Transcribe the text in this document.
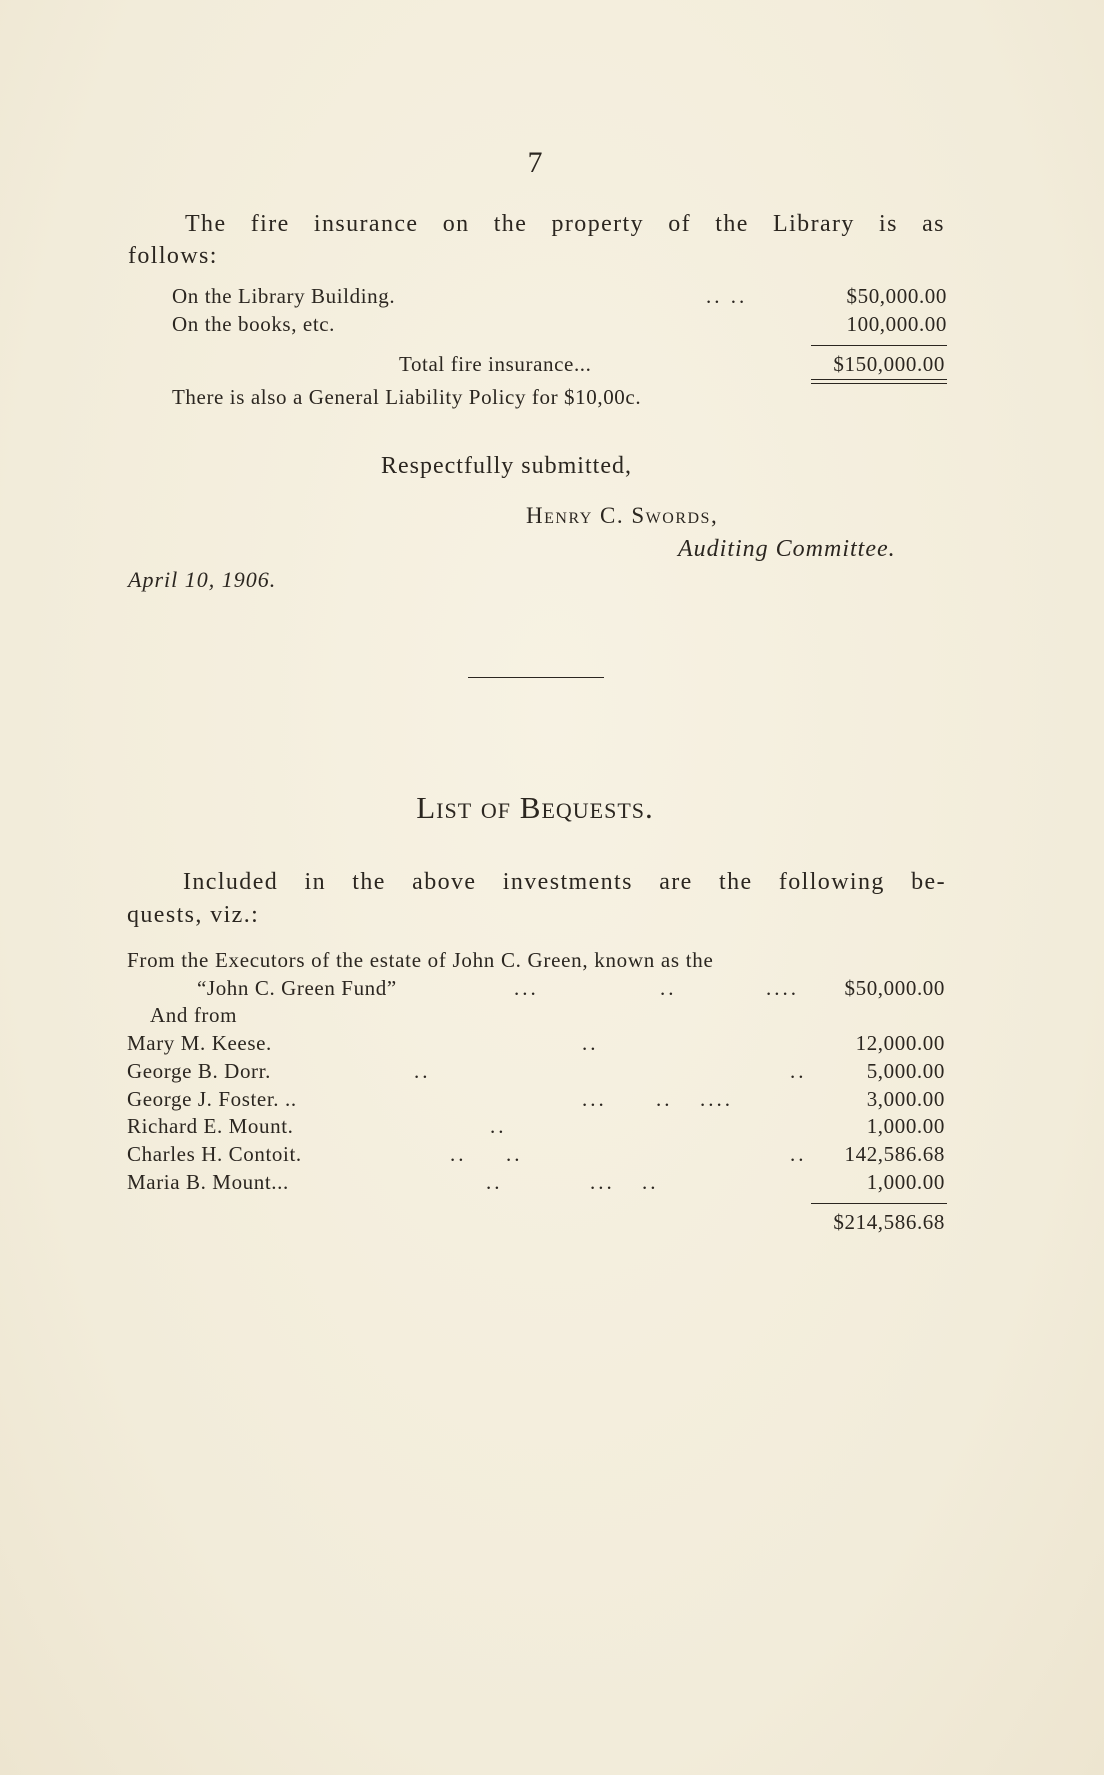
7
The fire insurance on the property of the Library is as
follows:
On the Library Building.	.. ..	$50,000.00
On the books, etc.	100,000.00
Total fire insurance...	$150,000.00
There is also a General Liability Policy for $10,00c.
Respectfully submitted,
Henry C. Swords,
Auditing Committee.
April 10, 1906.
List of Bequests.
Included in the above investments are the following be-
quests, viz.:
From the Executors of the estate of John C. Green, known as the
“John C. Green Fund”	...	..	....	$50,000.00
And from
Mary M. Keese.	..	12,000.00
George B. Dorr.	..	..	5,000.00
George J. Foster. ..	... .. ....	3,000.00
Richard E. Mount.	..	1,000.00
Charles H. Contoit.	.. ..	..	142,586.68
Maria B. Mount...	..	... ..	1,000.00
$214,586.68
